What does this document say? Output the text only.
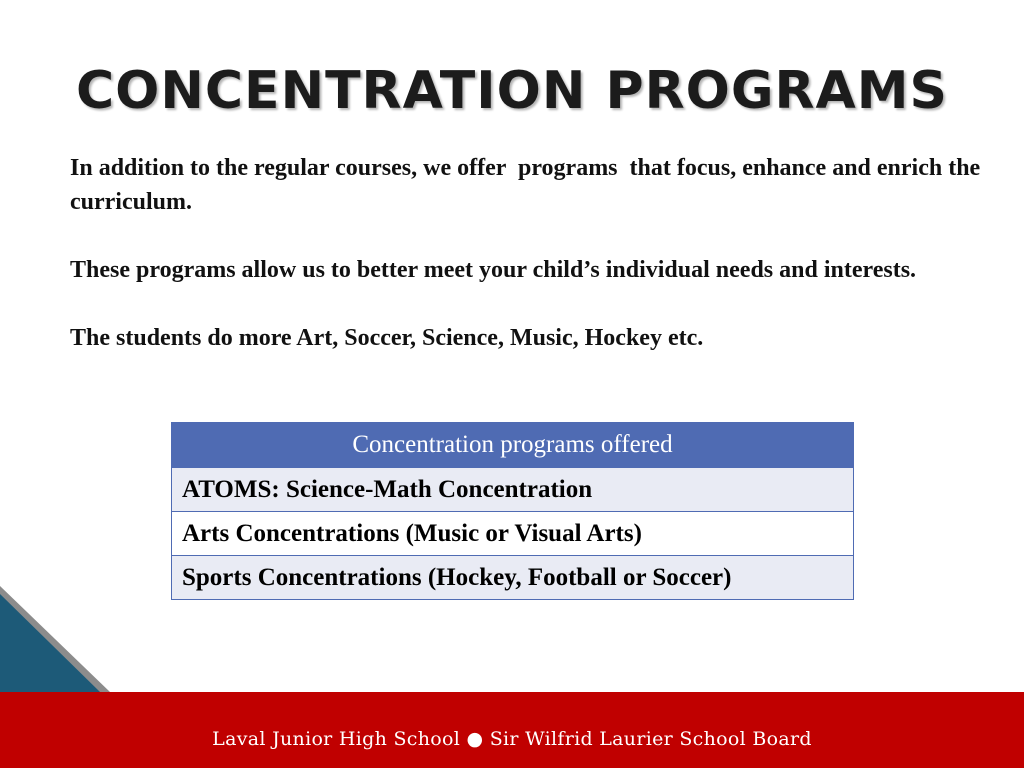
CONCENTRATION PROGRAMS

In addition to the regular courses, we offer  programs  that focus, enhance and enrich the curriculum.

These programs allow us to better meet your child’s individual needs and interests.

The students do more Art, Soccer, Science, Music, Hockey etc.

Concentration programs offered
ATOMS: Science-Math Concentration
Arts Concentrations (Music or Visual Arts)
Sports Concentrations (Hockey, Football or Soccer)
Laval Junior High School ● Sir Wilfrid Laurier School Board
